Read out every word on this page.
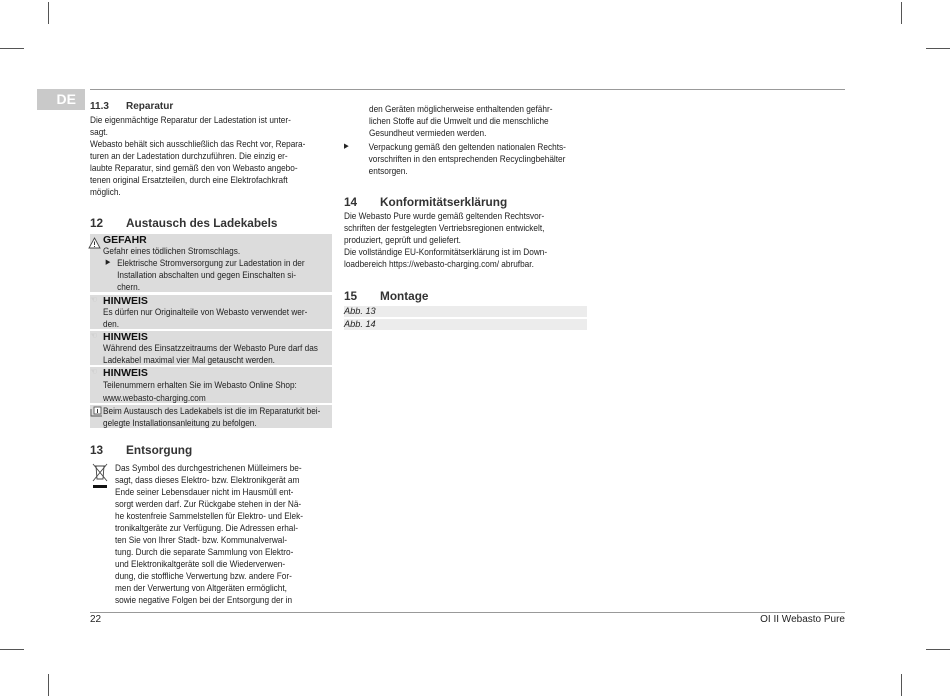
DE	11.3 Reparatur
Die eigenmächtige Reparatur der Ladestation ist unter-
sagt.
Webasto behält sich ausschließlich das Recht vor, Repara-
turen an der Ladestation durchzuführen. Die einzig er-
laubte Reparatur, sind gemäß den von Webasto angebo-
tenen original Ersatzteilen, durch eine Elektrofachkraft
möglich.
12 Austausch des Ladekabels
GEFAHR
Gefahr eines tödlichen Stromschlags.
▶ Elektrische Stromversorgung zur Ladestation in der
Installation abschalten und gegen Einschalten si-
chern.
☜ HINWEIS
Es dürfen nur Originalteile von Webasto verwendet wer-
den.
☜ HINWEIS
Während des Einsatzzeitraums der Webasto Pure darf das
Ladekabel maximal vier Mal getauscht werden.
☜ HINWEIS
Teilenummern erhalten Sie im Webasto Online Shop:
www.webasto-charging.com
Beim Austausch des Ladekabels ist die im Reparaturkit bei-
gelegte Installationsanleitung zu befolgen.
13 Entsorgung
Das Symbol des durchgestrichenen Mülleimers be-
sagt, dass dieses Elektro- bzw. Elektronikgerät am
Ende seiner Lebensdauer nicht im Hausmüll ent-
sorgt werden darf. Zur Rückgabe stehen in der Nä-
he kostenfreie Sammelstellen für Elektro- und Elek-
tronikaltgeräte zur Verfügung. Die Adressen erhal-
ten Sie von Ihrer Stadt- bzw. Kommunalverwal-
tung. Durch die separate Sammlung von Elektro-
und Elektronikaltgeräte soll die Wiederverwen-
dung, die stoffliche Verwertung bzw. andere For-
men der Verwertung von Altgeräten ermöglicht,
sowie negative Folgen bei der Entsorgung der in
den Geräten möglicherweise enthaltenden gefähr-
lichen Stoffe auf die Umwelt und die menschliche
Gesundheut vermieden werden.
▶ Verpackung gemäß den geltenden nationalen Rechts-
vorschriften in den entsprechenden Recyclingbehälter
entsorgen.
14 Konformitätserklärung
Die Webasto Pure wurde gemäß geltenden Rechtsvor-
schriften der festgelegten Vertriebsregionen entwickelt,
produziert, geprüft und geliefert.
Die vollständige EU-Konformitätserklärung ist im Down-
loadbereich https://webasto-charging.com/ abrufbar.
15 Montage
Abb. 13
Abb. 14
22	OI II Webasto Pure
